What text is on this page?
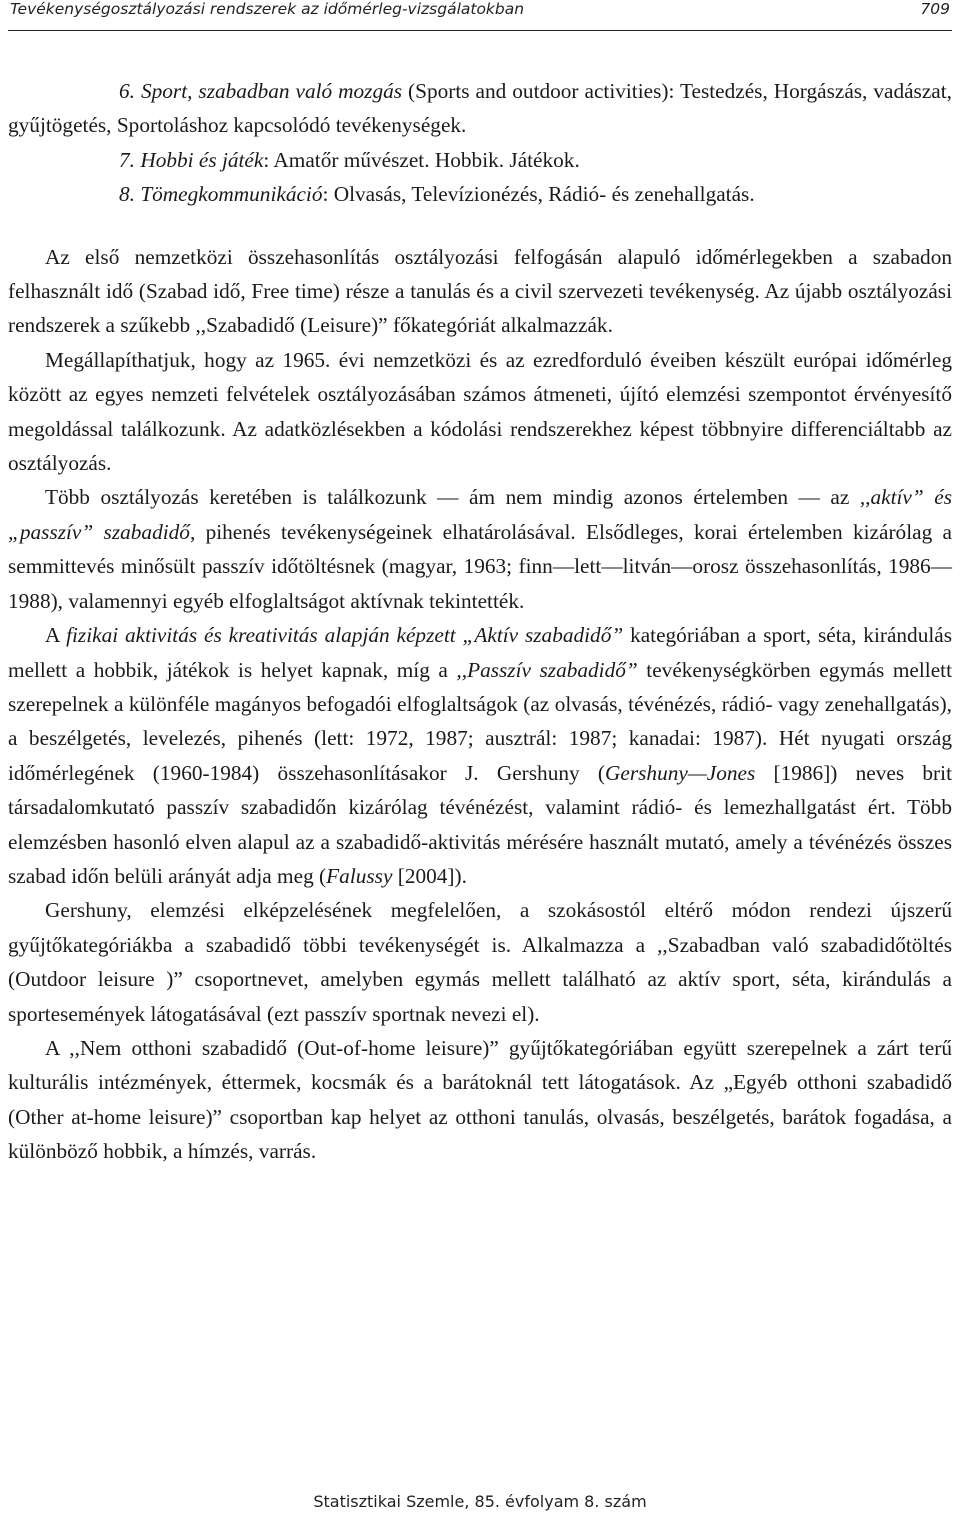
Tevékenységosztályozási rendszerek az időmérleg-vizsgálatokban	709

6. Sport, szabadban való mozgás (Sports and outdoor activities): Testedzés, Horgászás, vadászat, gyűjtögetés, Sportoláshoz kapcsolódó tevékenységek.

7. Hobbi és játék: Amatőr művészet. Hobbik. Játékok.

8. Tömegkommunikáció: Olvasás, Televízionézés, Rádió- és zenehallgatás.

Az első nemzetközi összehasonlítás osztályozási felfogásán alapuló időmérlegekben a szabadon felhasznált idő (Szabad idő, Free time) része a tanulás és a civil szervezeti tevékenység. Az újabb osztályozási rendszerek a szűkebb ,,Szabadidő (Leisure)” főkategóriát alkalmazzák.

Megállapíthatjuk, hogy az 1965. évi nemzetközi és az ezredforduló éveiben készült európai időmérleg között az egyes nemzeti felvételek osztályozásában számos átmeneti, újító elemzési szempontot érvényesítő megoldással találkozunk. Az adatközlésekben a kódolási rendszerekhez képest többnyire differenciáltabb az osztályozás.

Több osztályozás keretében is találkozunk — ám nem mindig azonos értelemben — az ,,aktív” és „passzív” szabadidő, pihenés tevékenységeinek elhatárolásával. Elsődleges, korai értelemben kizárólag a semmittevés minősült passzív időtöltésnek (magyar, 1963; finn—lett—litván—orosz összehasonlítás, 1986—1988), valamennyi egyéb elfoglaltságot aktívnak tekintették.

A fizikai aktivitás és kreativitás alapján képzett „Aktív szabadidő” kategóriában a sport, séta, kirándulás mellett a hobbik, játékok is helyet kapnak, míg a ,,Passzív szabadidő” tevékenységkörben egymás mellett szerepelnek a különféle magányos befogadói elfoglaltságok (az olvasás, tévénézés, rádió- vagy zenehallgatás), a beszélgetés, levelezés, pihenés (lett: 1972, 1987; ausztrál: 1987; kanadai: 1987). Hét nyugati ország időmérlegének (1960-1984) összehasonlításakor J. Gershuny (Gershuny—Jones [1986]) neves brit társadalomkutató passzív szabadidőn kizárólag tévénézést, valamint rádió- és lemezhallgatást ért. Több elemzésben hasonló elven alapul az a szabadidő-aktivitás mérésére használt mutató, amely a tévénézés összes szabad időn belüli arányát adja meg (Falussy [2004]).

Gershuny, elemzési elképzelésének megfelelően, a szokásostól eltérő módon rendezi újszerű gyűjtőkategóriákba a szabadidő többi tevékenységét is. Alkalmazza a ,,Szabadban való szabadidőtöltés (Outdoor leisure )” csoportnevet, amelyben egymás mellett található az aktív sport, séta, kirándulás a sportesemények látogatásával (ezt passzív sportnak nevezi el).

A ,,Nem otthoni szabadidő (Out-of-home leisure)” gyűjtőkategóriában együtt szerepelnek a zárt terű kulturális intézmények, éttermek, kocsmák és a barátoknál tett látogatások. Az „Egyéb otthoni szabadidő (Other at-home leisure)” csoportban kap helyet az otthoni tanulás, olvasás, beszélgetés, barátok fogadása, a különböző hobbik, a hímzés, varrás.

Statisztikai Szemle, 85. évfolyam 8. szám
